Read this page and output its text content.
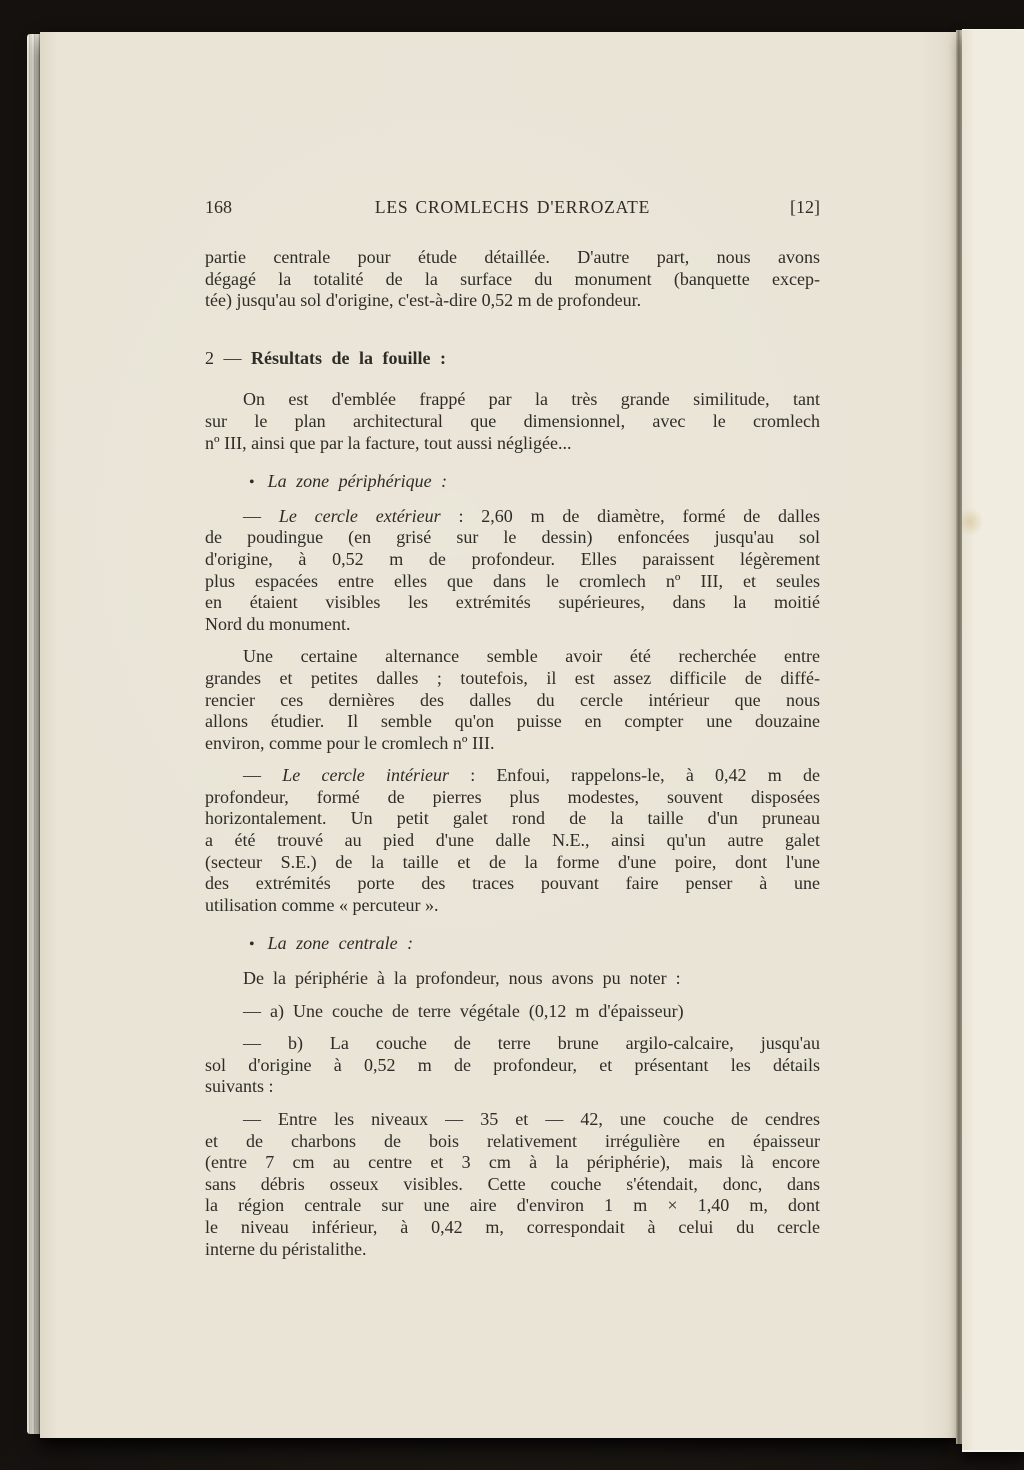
168	LES CROMLECHS D'ERROZATE	[12]
partie centrale pour étude détaillée. D'autre part, nous avons
dégagé la totalité de la surface du monument (banquette excep-
tée) jusqu'au sol d'origine, c'est-à-dire 0,52 m de profondeur.
2 — Résultats de la fouille :
On est d'emblée frappé par la très grande similitude, tant
sur le plan architectural que dimensionnel, avec le cromlech
nº III, ainsi que par la facture, tout aussi négligée...
• La zone périphérique :
— Le cercle extérieur : 2,60 m de diamètre, formé de dalles
de poudingue (en grisé sur le dessin) enfoncées jusqu'au sol
d'origine, à 0,52 m de profondeur. Elles paraissent légèrement
plus espacées entre elles que dans le cromlech nº III, et seules
en étaient visibles les extrémités supérieures, dans la moitié
Nord du monument.
Une certaine alternance semble avoir été recherchée entre
grandes et petites dalles ; toutefois, il est assez difficile de diffé-
rencier ces dernières des dalles du cercle intérieur que nous
allons étudier. Il semble qu'on puisse en compter une douzaine
environ, comme pour le cromlech nº III.
— Le cercle intérieur : Enfoui, rappelons-le, à 0,42 m de
profondeur, formé de pierres plus modestes, souvent disposées
horizontalement. Un petit galet rond de la taille d'un pruneau
a été trouvé au pied d'une dalle N.E., ainsi qu'un autre galet
(secteur S.E.) de la taille et de la forme d'une poire, dont l'une
des extrémités porte des traces pouvant faire penser à une
utilisation comme « percuteur ».
• La zone centrale :
De la périphérie à la profondeur, nous avons pu noter :
— a) Une couche de terre végétale (0,12 m d'épaisseur)
— b) La couche de terre brune argilo-calcaire, jusqu'au
sol d'origine à 0,52 m de profondeur, et présentant les détails
suivants :
— Entre les niveaux — 35 et — 42, une couche de cendres
et de charbons de bois relativement irrégulière en épaisseur
(entre 7 cm au centre et 3 cm à la périphérie), mais là encore
sans débris osseux visibles. Cette couche s'étendait, donc, dans
la région centrale sur une aire d'environ 1 m × 1,40 m, dont
le niveau inférieur, à 0,42 m, correspondait à celui du cercle
interne du péristalithe.
